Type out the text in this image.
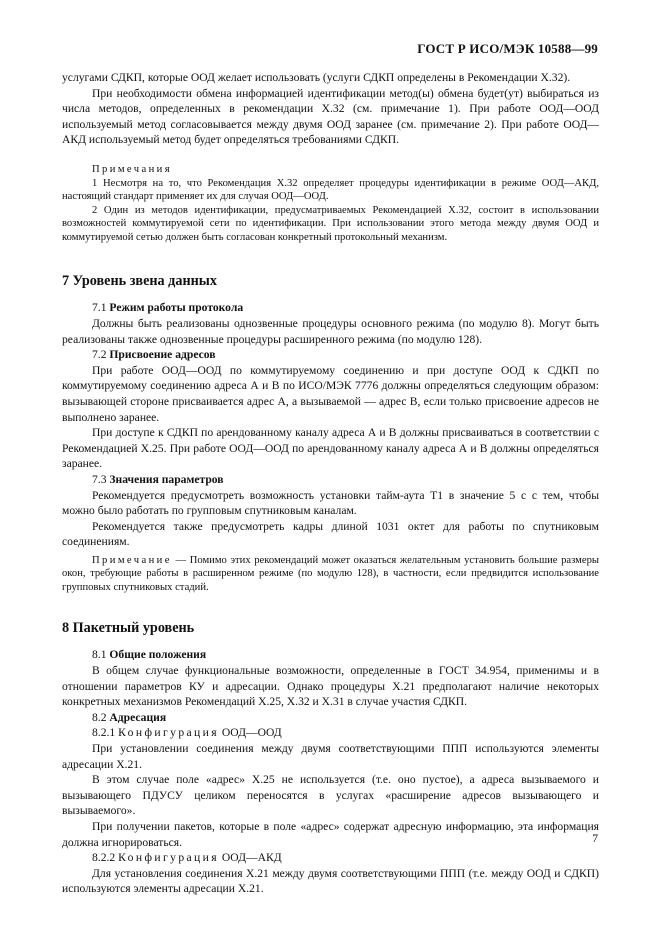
ГОСТ Р ИСО/МЭК 10588—99

услугами СДКП, которые ООД желает использовать (услуги СДКП определены в Рекомендации Х.32).

При необходимости обмена информацией идентификации метод(ы) обмена будет(ут) выбираться из числа методов, определенных в рекомендации Х.32 (см. примечание 1). При работе ООД—ООД используемый метод согласовывается между двумя ООД заранее (см. примечание 2). При работе ООД—АКД используемый метод будет определяться требованиями СДКП.

Примечания

1 Несмотря на то, что Рекомендация Х.32 определяет процедуры идентификации в режиме ООД—АКД, настоящий стандарт применяет их для случая ООД—ООД.

2 Один из методов идентификации, предусматриваемых Рекомендацией Х.32, состоит в использовании возможностей коммутируемой сети по идентификации. При использовании этого метода между двумя ООД и коммутируемой сетью должен быть согласован конкретный протокольный механизм.

7 Уровень звена данных

7.1 Режим работы протокола

Должны быть реализованы однозвенные процедуры основного режима (по модулю 8). Могут быть реализованы также однозвенные процедуры расширенного режима (по модулю 128).

7.2 Присвоение адресов

При работе ООД—ООД по коммутируемому соединению и при доступе ООД к СДКП по коммутируемому соединению адреса А и В по ИСО/МЭК 7776 должны определяться следующим образом: вызывающей стороне присваивается адрес А, а вызываемой — адрес В, если только присвоение адресов не выполнено заранее.

При доступе к СДКП по арендованному каналу адреса А и В должны присваиваться в соответствии с Рекомендацией Х.25. При работе ООД—ООД по арендованному каналу адреса А и В должны определяться заранее.

7.3 Значения параметров

Рекомендуется предусмотреть возможность установки тайм-аута Т1 в значение 5 с с тем, чтобы можно было работать по групповым спутниковым каналам.

Рекомендуется также предусмотреть кадры длиной 1031 октет для работы по спутниковым соединениям.

Примечание — Помимо этих рекомендаций может оказаться желательным установить большие размеры окон, требующие работы в расширенном режиме (по модулю 128), в частности, если предвидится использование групповых спутниковых стадий.

8 Пакетный уровень

8.1 Общие положения

В общем случае функциональные возможности, определенные в ГОСТ 34.954, применимы и в отношении параметров КУ и адресации. Однако процедуры Х.21 предполагают наличие некоторых конкретных механизмов Рекомендаций Х.25, Х.32 и Х.31 в случае участия СДКП.

8.2 Адресация

8.2.1 Конфигурация ООД—ООД

При установлении соединения между двумя соответствующими ППП используются элементы адресации Х.21.

В этом случае поле «адрес» Х.25 не используется (т.е. оно пустое), а адреса вызываемого и вызывающего ПДУСУ целиком переносятся в услугах «расширение адресов вызывающего и вызываемого».

При получении пакетов, которые в поле «адрес» содержат адресную информацию, эта информация должна игнорироваться.

8.2.2 Конфигурация ООД—АКД

Для установления соединения Х.21 между двумя соответствующими ППП (т.е. между ООД и СДКП) используются элементы адресации Х.21.

7
